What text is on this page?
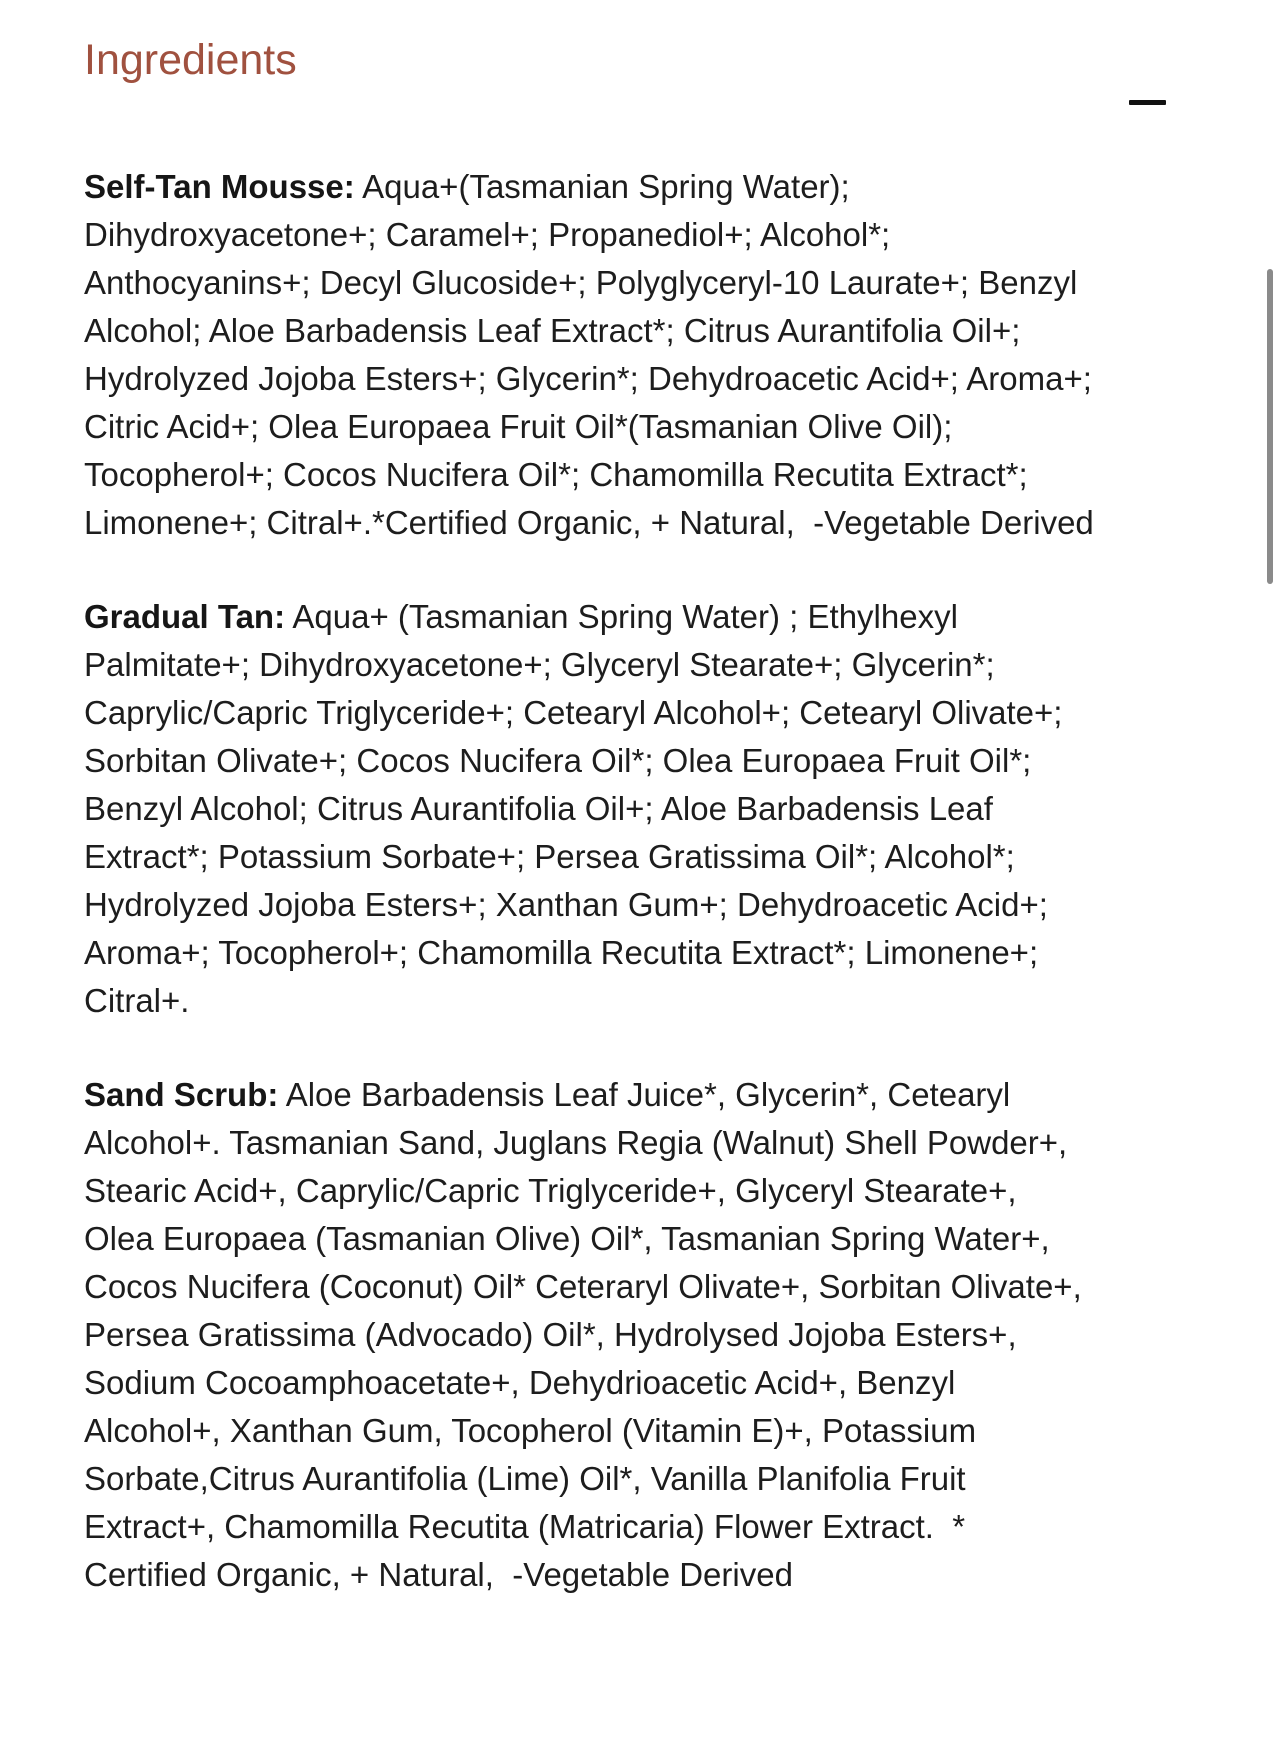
Ingredients

Self-Tan Mousse: Aqua+(Tasmanian Spring Water); Dihydroxyacetone+; Caramel+; Propanediol+; Alcohol*; Anthocyanins+; Decyl Glucoside+; Polyglyceryl-10 Laurate+; Benzyl Alcohol; Aloe Barbadensis Leaf Extract*; Citrus Aurantifolia Oil+; Hydrolyzed Jojoba Esters+; Glycerin*; Dehydroacetic Acid+; Aroma+; Citric Acid+; Olea Europaea Fruit Oil*(Tasmanian Olive Oil); Tocopherol+; Cocos Nucifera Oil*; Chamomilla Recutita Extract*; Limonene+; Citral+.*Certified Organic, + Natural,  -Vegetable Derived

Gradual Tan: Aqua+ (Tasmanian Spring Water) ; Ethylhexyl Palmitate+; Dihydroxyacetone+; Glyceryl Stearate+; Glycerin*; Caprylic/Capric Triglyceride+; Cetearyl Alcohol+; Cetearyl Olivate+; Sorbitan Olivate+; Cocos Nucifera Oil*; Olea Europaea Fruit Oil*; Benzyl Alcohol; Citrus Aurantifolia Oil+; Aloe Barbadensis Leaf Extract*; Potassium Sorbate+; Persea Gratissima Oil*; Alcohol*; Hydrolyzed Jojoba Esters+; Xanthan Gum+; Dehydroacetic Acid+; Aroma+; Tocopherol+; Chamomilla Recutita Extract*; Limonene+; Citral+.

Sand Scrub: Aloe Barbadensis Leaf Juice*, Glycerin*, Cetearyl Alcohol+. Tasmanian Sand, Juglans Regia (Walnut) Shell Powder+, Stearic Acid+, Caprylic/Capric Triglyceride+, Glyceryl Stearate+, Olea Europaea (Tasmanian Olive) Oil*, Tasmanian Spring Water+, Cocos Nucifera (Coconut) Oil* Ceteraryl Olivate+, Sorbitan Olivate+, Persea Gratissima (Advocado) Oil*, Hydrolysed Jojoba Esters+, Sodium Cocoamphoacetate+, Dehydrioacetic Acid+, Benzyl Alcohol+, Xanthan Gum, Tocopherol (Vitamin E)+, Potassium Sorbate,Citrus Aurantifolia (Lime) Oil*, Vanilla Planifolia Fruit Extract+, Chamomilla Recutita (Matricaria) Flower Extract.  * Certified Organic, + Natural,  -Vegetable Derived
